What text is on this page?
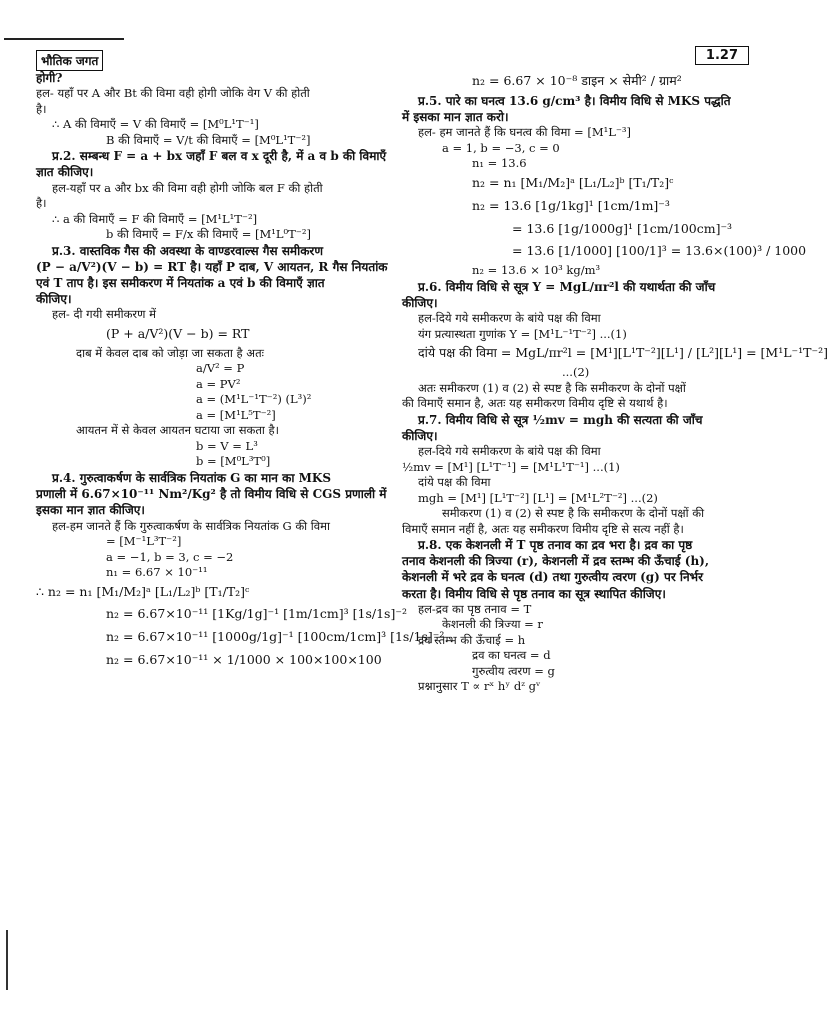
भौतिक जगत	1.27
होगी?
हल- यहाँ पर A और Bt की विमा वही होगी जोकि वेग V की होती
है।
∴ A की विमाएँ = V की विमाएँ = [M⁰L¹T⁻¹]
B की विमाएँ = V/t की विमाएँ = [M⁰L¹T⁻²]
प्र.2. सम्बन्ध F = a + bx जहाँ F बल व x दूरी है, में a व b की विमाएँ
ज्ञात कीजिए।
हल-यहाँ पर a और bx की विमा वही होगी जोकि बल F की होती
है।
∴ a की विमाएँ = F की विमाएँ = [M¹L¹T⁻²]
b की विमाएँ = F/x की विमाएँ = [M¹L⁰T⁻²]
प्र.3. वास्तविक गैस की अवस्था के वाण्डरवाल्स गैस समीकरण
(P − a/V²)(V − b) = RT है। यहाँ P दाब, V आयतन, R गैस नियतांक
एवं T ताप है। इस समीकरण में नियतांक a एवं b की विमाएँ ज्ञात
कीजिए।
हल- दी गयी समीकरण में
(P + a/V²)(V − b) = RT
दाब में केवल दाब को जोड़ा जा सकता है अतः
a/V² = P
a = PV²
a = (M¹L⁻¹T⁻²) (L³)²
a = [M¹L⁵T⁻²]
आयतन में से केवल आयतन घटाया जा सकता है।
b = V = L³
b = [M⁰L³T⁰]
प्र.4. गुरुत्वाकर्षण के सार्वत्रिक नियतांक G का मान का MKS
प्रणाली में 6.67×10⁻¹¹ Nm²/Kg² है तो विमीय विधि से CGS प्रणाली में
इसका मान ज्ञात कीजिए।
हल-हम जानते हैं कि गुरुत्वाकर्षण के सार्वत्रिक नियतांक G की विमा
= [M⁻¹L³T⁻²]
a = −1, b = 3, c = −2
n₁ = 6.67 × 10⁻¹¹
∴ n₂ = n₁ [M₁/M₂]ᵃ [L₁/L₂]ᵇ [T₁/T₂]ᶜ
n₂ = 6.67×10⁻¹¹ [1Kg/1g]⁻¹ [1m/1cm]³ [1s/1s]⁻²
n₂ = 6.67×10⁻¹¹ [1000g/1g]⁻¹ [100cm/1cm]³ [1s/1s]⁻²
n₂ = 6.67×10⁻¹¹ × 1/1000 × 100×100×100
n₂ = 6.67 × 10⁻⁸ डाइन × सेमी² / ग्राम²
प्र.5. पारे का घनत्व 13.6 g/cm³ है। विमीय विधि से MKS पद्धति
में इसका मान ज्ञात करो।
हल- हम जानते हैं कि घनत्व की विमा = [M¹L⁻³]
a = 1, b = −3, c = 0
n₁ = 13.6
n₂ = n₁ [M₁/M₂]ᵃ [L₁/L₂]ᵇ [T₁/T₂]ᶜ
n₂ = 13.6 [1g/1kg]¹ [1cm/1m]⁻³
= 13.6 [1g/1000g]¹ [1cm/100cm]⁻³
= 13.6 [1/1000] [100/1]³ = 13.6×(100)³ / 1000
n₂ = 13.6 × 10³ kg/m³
प्र.6. विमीय विधि से सूत्र Y = MgL/πr²l की यथार्थता की जाँच
कीजिए।
हल-दिये गये समीकरण के बांये पक्ष की विमा
यंग प्रत्यास्थता गुणांक Y = [M¹L⁻¹T⁻²] ...(1)
दांये पक्ष की विमा = MgL/πr²l = [M¹][L¹T⁻²][L¹] / [L²][L¹] = [M¹L⁻¹T⁻²]
...(2)
अतः समीकरण (1) व (2) से स्पष्ट है कि समीकरण के दोनों पक्षों
की विमाएँ समान है, अतः यह समीकरण विमीय दृष्टि से यथार्थ है।
प्र.7. विमीय विधि से सूत्र ½mv = mgh की सत्यता की जाँच
कीजिए।
हल-दिये गये समीकरण के बांये पक्ष की विमा
½mv = [M¹] [L¹T⁻¹] = [M¹L¹T⁻¹] ...(1)
दांये पक्ष की विमा
mgh = [M¹] [L¹T⁻²] [L¹] = [M¹L²T⁻²] ...(2)
समीकरण (1) व (2) से स्पष्ट है कि समीकरण के दोनों पक्षों की
विमाएँ समान नहीं है, अतः यह समीकरण विमीय दृष्टि से सत्य नहीं है।
प्र.8. एक केशनली में T पृष्ठ तनाव का द्रव भरा है। द्रव का पृष्ठ
तनाव केशनली की त्रिज्या (r), केशनली में द्रव स्तम्भ की ऊँचाई (h),
केशनली में भरे द्रव के घनत्व (d) तथा गुरुत्वीय त्वरण (g) पर निर्भर
करता है। विमीय विधि से पृष्ठ तनाव का सूत्र स्थापित कीजिए।
हल-द्रव का पृष्ठ तनाव = T
केशनली की त्रिज्या = r
द्रव स्तम्भ की ऊँचाई = h
द्रव का घनत्व = d
गुरुत्वीय त्वरण = g
प्रश्नानुसार T ∝ rˣ hʸ dᶻ gᵛ
